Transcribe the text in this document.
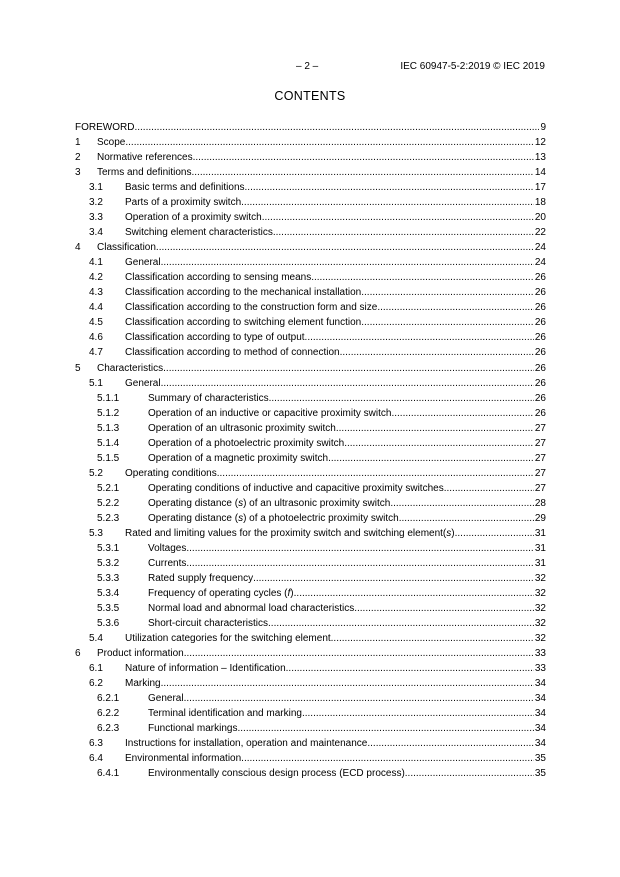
– 2 –	IEC 60947-5-2:2019 © IEC 2019
CONTENTS
FOREWORD .....	9
1 Scope .....	12
2 Normative references .....	13
3 Terms and definitions .....	14
3.1 Basic terms and definitions .....	17
3.2 Parts of a proximity switch .....	18
3.3 Operation of a proximity switch .....	20
3.4 Switching element characteristics .....	22
4 Classification .....	24
4.1 General .....	24
4.2 Classification according to sensing means .....	26
4.3 Classification according to the mechanical installation .....	26
4.4 Classification according to the construction form and size .....	26
4.5 Classification according to switching element function .....	26
4.6 Classification according to type of output .....	26
4.7 Classification according to method of connection .....	26
5 Characteristics .....	26
5.1 General .....	26
5.1.1	Summary of characteristics .....	26
5.1.2	Operation of an inductive or capacitive proximity switch .....	26
5.1.3	Operation of an ultrasonic proximity switch .....	27
5.1.4	Operation of a photoelectric proximity switch .....	27
5.1.5	Operation of a magnetic proximity switch .....	27
5.2 Operating conditions .....	27
5.2.1	Operating conditions of inductive and capacitive proximity switches .....	27
5.2.2	Operating distance (s) of an ultrasonic proximity switch .....	28
5.2.3	Operating distance (s) of a photoelectric proximity switch .....	29
5.3 Rated and limiting values for the proximity switch and switching element(s) .....	31
5.3.1	Voltages .....	31
5.3.2	Currents .....	31
5.3.3	Rated supply frequency .....	32
5.3.4	Frequency of operating cycles (f) .....	32
5.3.5	Normal load and abnormal load characteristics .....	32
5.3.6	Short-circuit characteristics .....	32
5.4 Utilization categories for the switching element .....	32
6 Product information .....	33
6.1 Nature of information – Identification .....	33
6.2 Marking .....	34
6.2.1	General .....	34
6.2.2	Terminal identification and marking .....	34
6.2.3	Functional markings .....	34
6.3 Instructions for installation, operation and maintenance .....	34
6.4 Environmental information .....	35
6.4.1	Environmentally conscious design process (ECD process) .....	35
